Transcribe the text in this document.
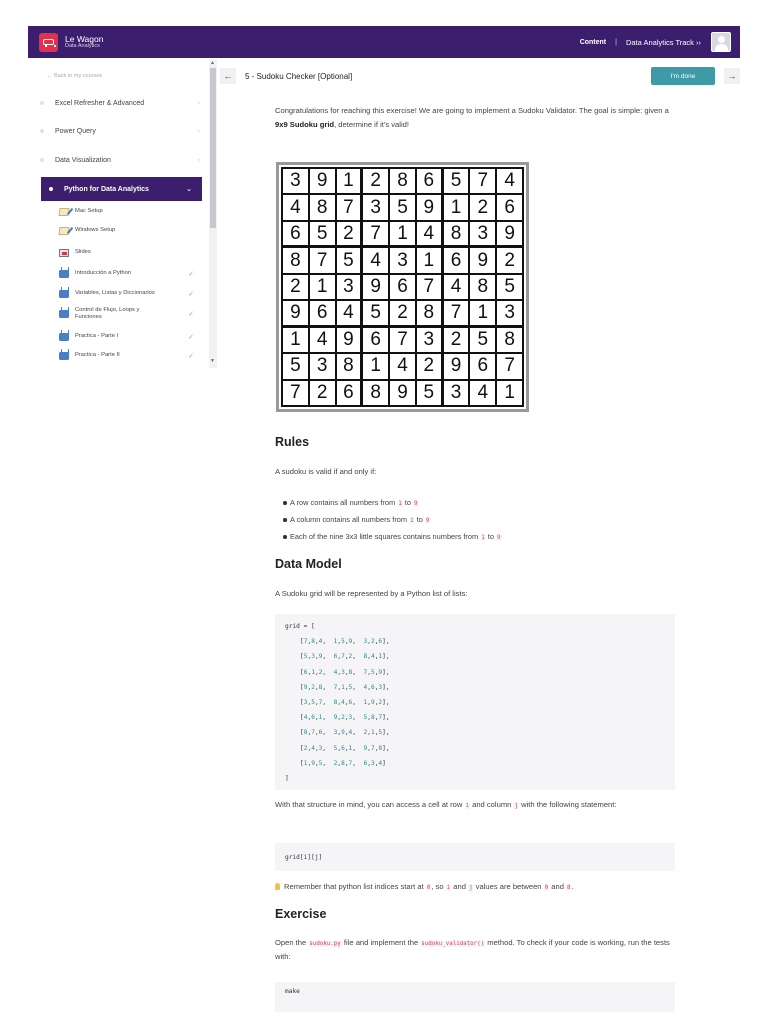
Le Wagon
Data Analytics
Content | Data Analytics Track ››
← Back to my courses
Excel Refresher & Advanced	›
Power Query	›
Data Visualization	›
Python for Data Analytics	⌄
Mac Setup
Windows Setup
Slides
Introducción a Python	✓
Variables, Listas y Diccionarios	✓
Control de Flujo, Loops y Funciones	✓
Practica - Parte I	✓
Practica - Parte II	✓
▲
▼
←	5 - Sudoku Checker [Optional]	I'm done	→
Congratulations for reaching this exercise! We are going to implement a Sudoku Validator. The goal is simple: given a 9x9 Sudoku grid, determine if it's valid!
3 9 1 2 8 6 5 7 4
4 8 7 3 5 9 1 2 6
6 5 2 7 1 4 8 3 9
8 7 5 4 3 1 6 9 2
2 1 3 9 6 7 4 8 5
9 6 4 5 2 8 7 1 3
1 4 9 6 7 3 2 5 8
5 3 8 1 4 2 9 6 7
7 2 6 8 9 5 3 4 1
Rules
A sudoku is valid if and only if:
A row contains all numbers from 1 to 9
A column contains all numbers from 1 to 9
Each of the nine 3x3 little squares contains numbers from 1 to 9
Data Model
A Sudoku grid will be represented by a Python list of lists:
grid = [
[7,8,4, 1,5,9, 3,2,6],
[5,3,9, 6,7,2, 8,4,1],
[6,1,2, 4,3,8, 7,5,9],
[9,2,8, 7,1,5, 4,6,3],
[3,5,7, 8,4,6, 1,9,2],
[4,6,1, 9,2,3, 5,8,7],
[8,7,6, 3,9,4, 2,1,5],
[2,4,3, 5,6,1, 9,7,8],
[1,9,5, 2,8,7, 6,3,4]
]
With that structure in mind, you can access a cell at row i and column j with the following statement:
grid[i][j]
Remember that python list indices start at 0, so i and j values are between 0 and 8.
Exercise
Open the sudoku.py file and implement the sudoku_validator() method. To check if your code is working, run the tests with:
make
